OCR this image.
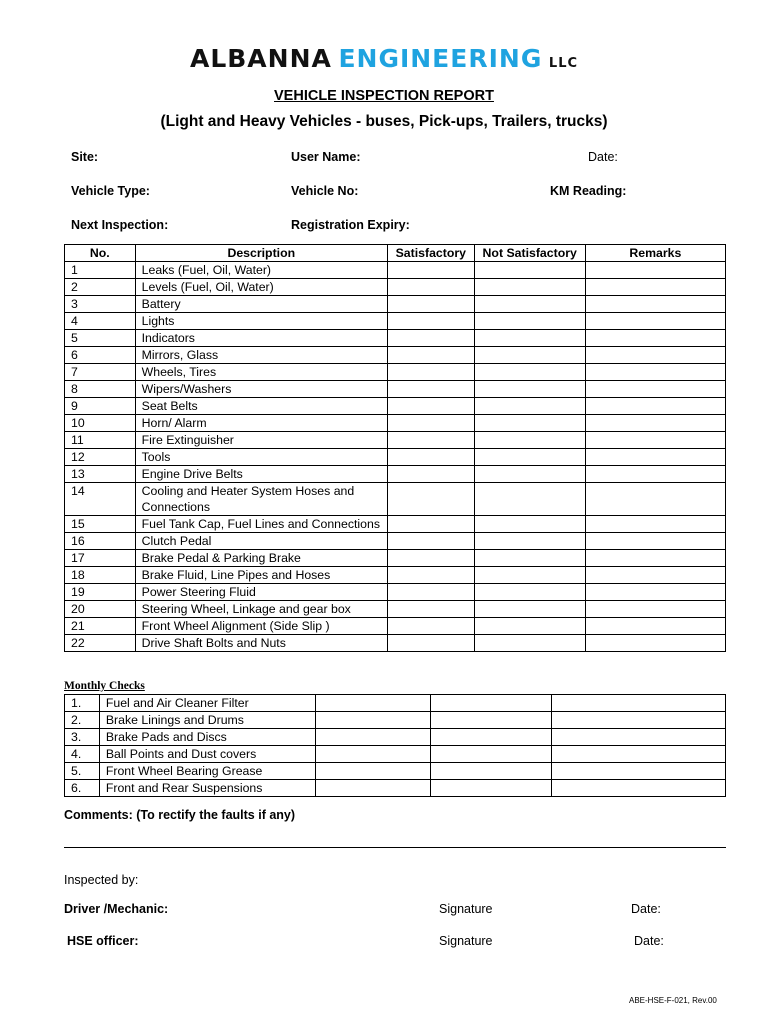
ALBANNA ENGINEERING LLC
VEHICLE INSPECTION REPORT
(Light and Heavy Vehicles - buses, Pick-ups, Trailers, trucks)
Site:	User Name:	Date:
Vehicle Type:	Vehicle No:	KM Reading:
Next Inspection:	Registration Expiry:
No.	Description	Satisfactory	Not Satisfactory	Remarks
1	Leaks (Fuel, Oil, Water)			
2	Levels (Fuel, Oil, Water)			
3	Battery			
4	Lights			
5	Indicators			
6	Mirrors, Glass			
7	Wheels, Tires			
8	Wipers/Washers			
9	Seat Belts			
10	Horn/ Alarm			
11	Fire Extinguisher			
12	Tools			
13	Engine Drive Belts			
14	Cooling and Heater System Hoses and Connections			
15	Fuel Tank Cap, Fuel Lines and Connections			
16	Clutch Pedal			
17	Brake Pedal & Parking Brake			
18	Brake Fluid, Line Pipes and Hoses			
19	Power Steering Fluid			
20	Steering Wheel, Linkage and gear box			
21	Front Wheel Alignment (Side Slip )			
22	Drive Shaft Bolts and Nuts			
Monthly Checks
1.	Fuel and Air Cleaner Filter			
2.	Brake Linings and Drums			
3.	Brake Pads and Discs			
4.	Ball Points and Dust covers			
5.	Front Wheel Bearing Grease			
6.	Front and Rear Suspensions			
Comments: (To rectify the faults if any)
Inspected by:
Driver /Mechanic:	Signature	Date:
HSE officer:	Signature	Date:
ABE-HSE-F-021, Rev.00
